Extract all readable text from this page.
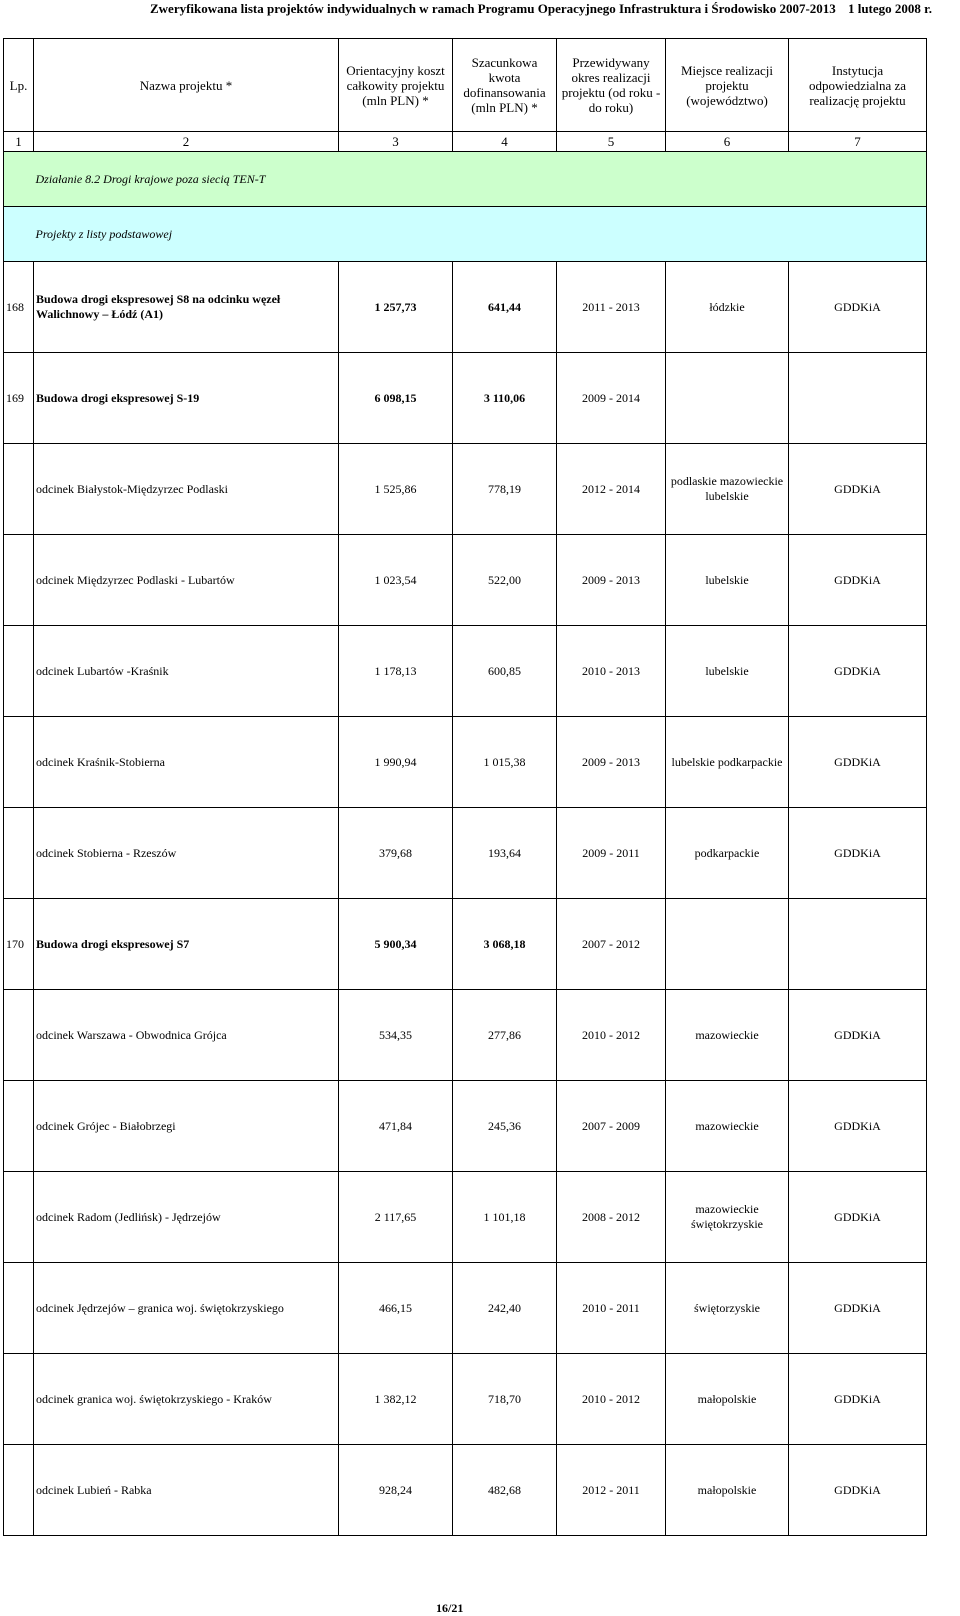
Zweryfikowana lista projektów indywidualnych w ramach Programu Operacyjnego Infrastruktura i Środowisko 2007-2013 1 lutego 2008 r.
Lp.	Nazwa projektu *	Orientacyjny koszt całkowity projektu (mln PLN) *	Szacunkowa kwota dofinansowania (mln PLN) *	Przewidywany okres realizacji projektu (od roku - do roku)	Miejsce realizacji projektu (województwo)	Instytucja odpowiedzialna za realizację projektu
1	2	3	4	5	6	7
	Działanie 8.2 Drogi krajowe poza siecią TEN-T					
	Projekty z listy podstawowej					
168	Budowa drogi ekspresowej S8 na odcinku węzeł Walichnowy – Łódź (A1)	1 257,73	641,44	2011 - 2013	łódzkie	GDDKiA
169	Budowa drogi ekspresowej S-19	6 098,15	3 110,06	2009 - 2014		
	odcinek Białystok-Międzyrzec Podlaski	1 525,86	778,19	2012 - 2014	podlaskie mazowieckie lubelskie	GDDKiA
	odcinek Międzyrzec Podlaski - Lubartów	1 023,54	522,00	2009 - 2013	lubelskie	GDDKiA
	odcinek Lubartów -Kraśnik	1 178,13	600,85	2010 - 2013	lubelskie	GDDKiA
	odcinek Kraśnik-Stobierna	1 990,94	1 015,38	2009 - 2013	lubelskie podkarpackie	GDDKiA
	odcinek Stobierna - Rzeszów	379,68	193,64	2009 - 2011	podkarpackie	GDDKiA
170	Budowa drogi ekspresowej S7	5 900,34	3 068,18	2007 - 2012		
	odcinek Warszawa - Obwodnica Grójca	534,35	277,86	2010 - 2012	mazowieckie	GDDKiA
	odcinek Grójec - Białobrzegi	471,84	245,36	2007 - 2009	mazowieckie	GDDKiA
	odcinek Radom (Jedlińsk) - Jędrzejów	2 117,65	1 101,18	2008 - 2012	mazowieckie świętokrzyskie	GDDKiA
	odcinek Jędrzejów – granica woj. świętokrzyskiego	466,15	242,40	2010 - 2011	świętorzyskie	GDDKiA
	odcinek granica woj. świętokrzyskiego - Kraków	1 382,12	718,70	2010 - 2012	małopolskie	GDDKiA
	odcinek Lubień - Rabka	928,24	482,68	2012 - 2011	małopolskie	GDDKiA
16/21
